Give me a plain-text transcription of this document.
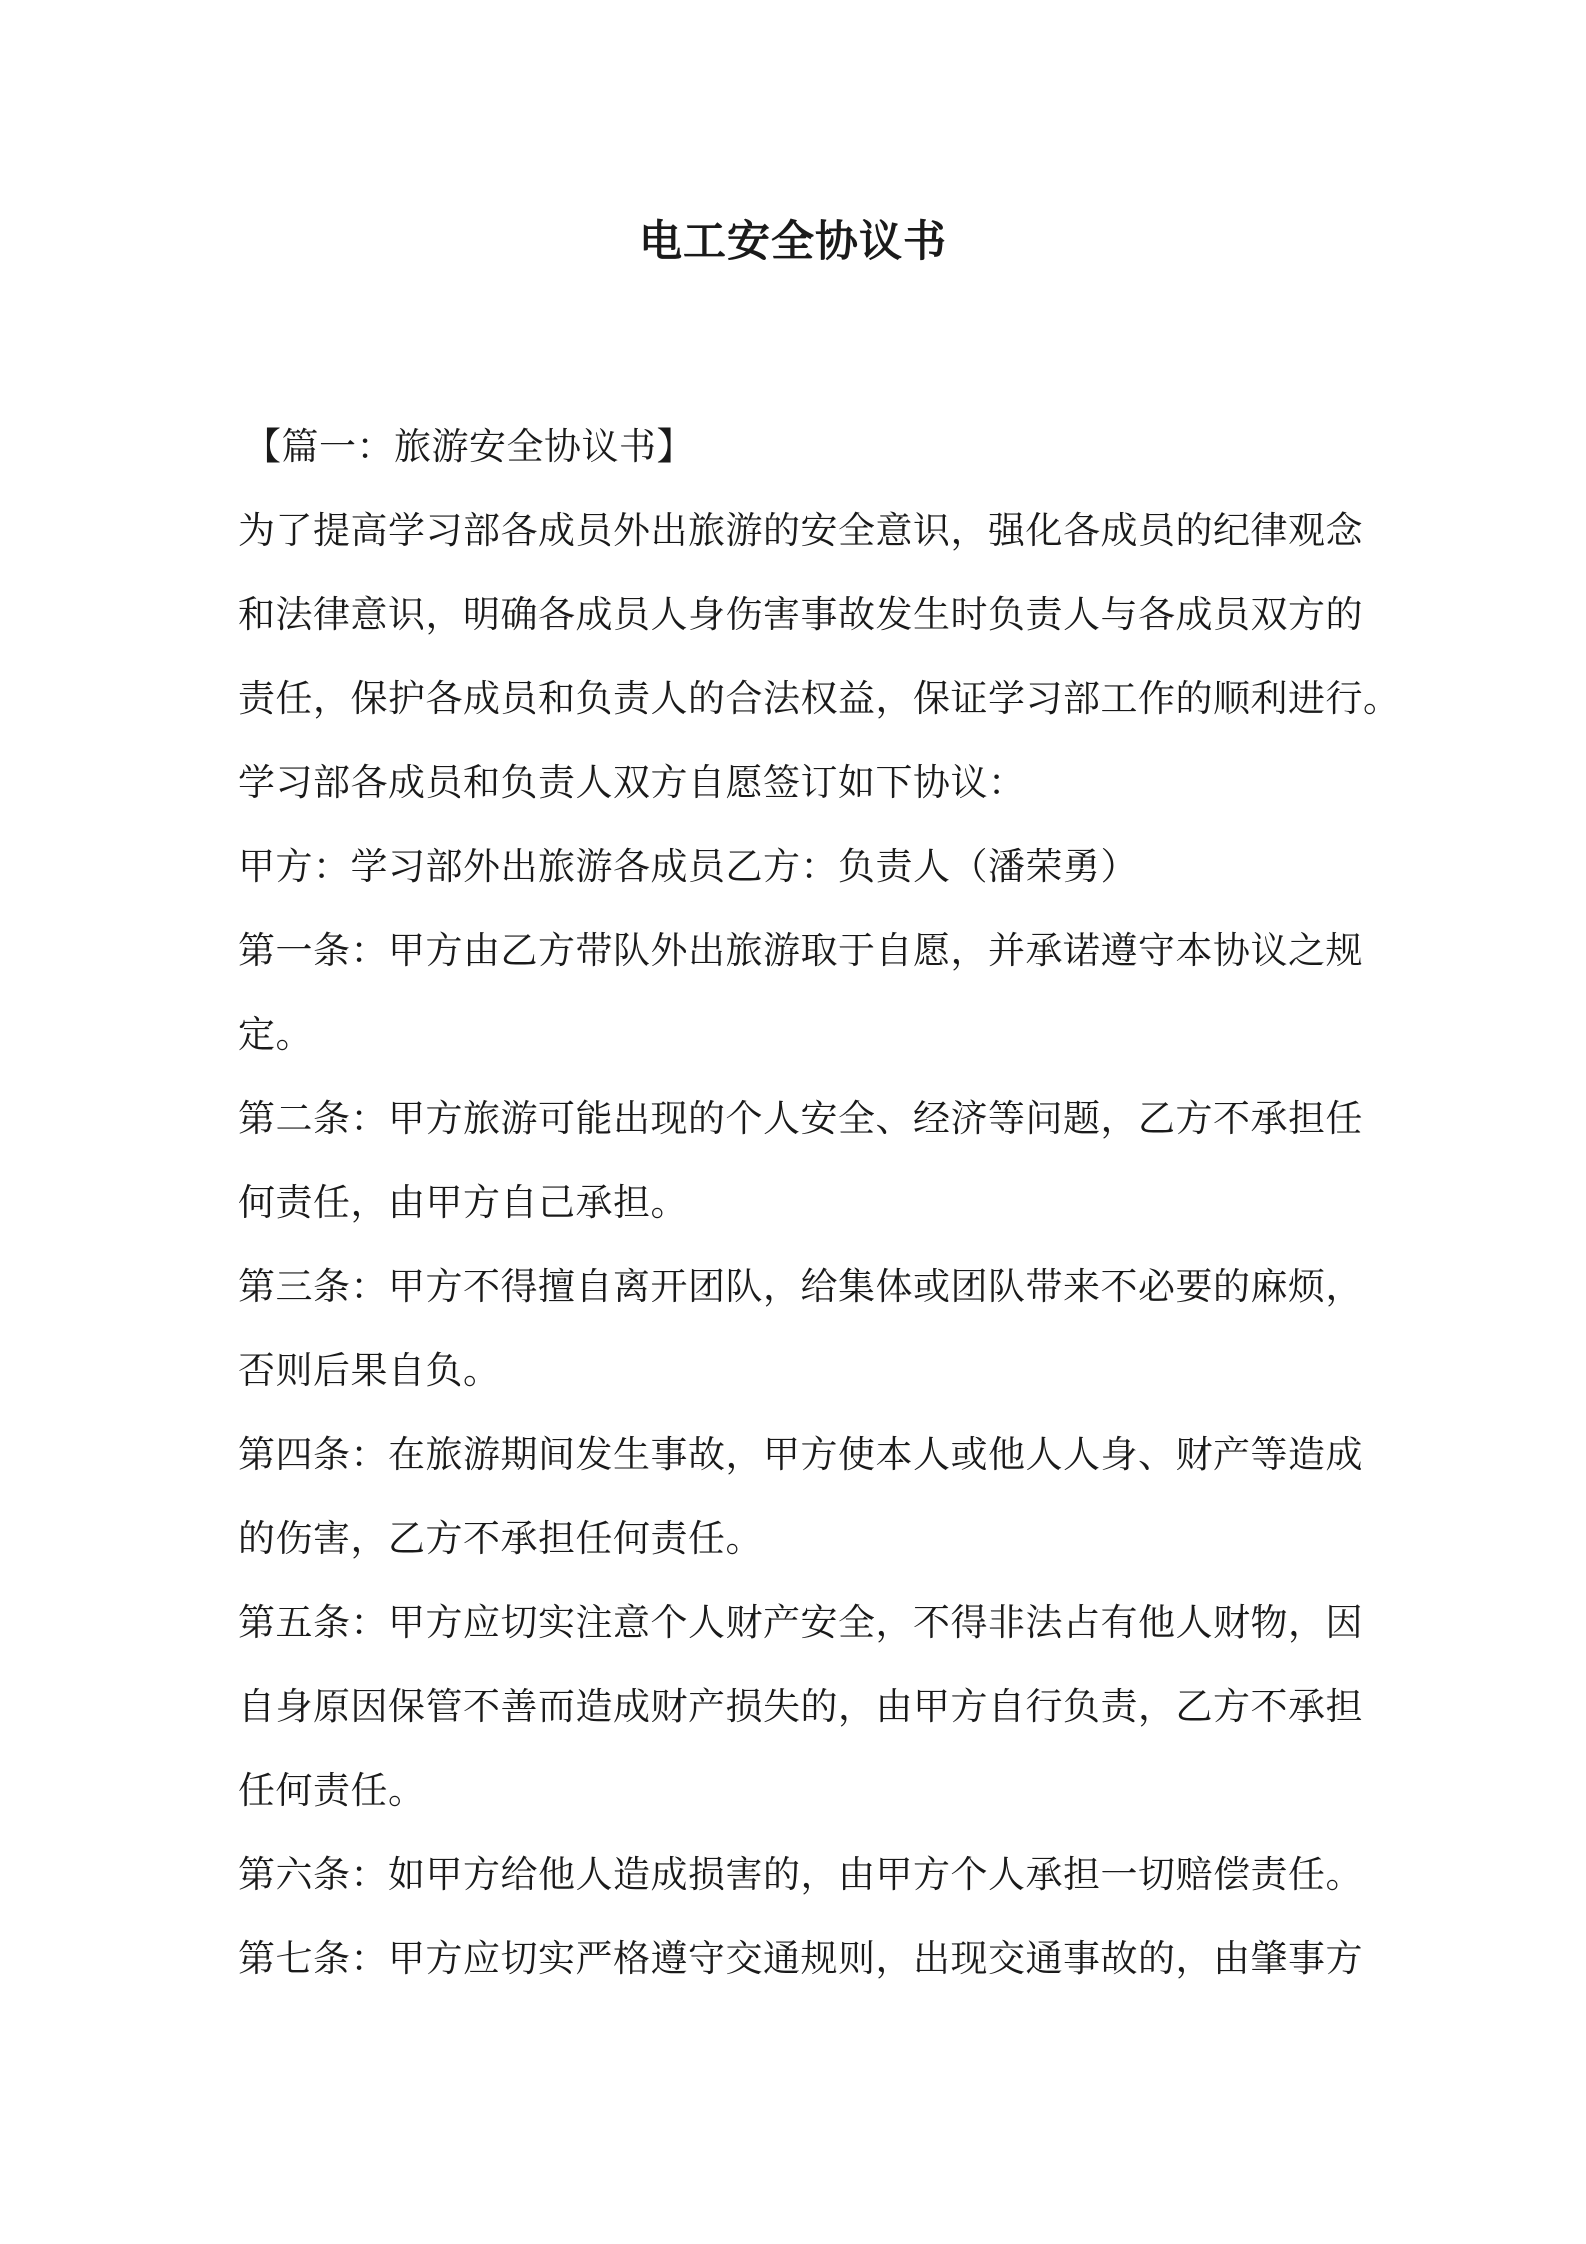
电工安全协议书
【篇一：旅游安全协议书】
为了提高学习部各成员外出旅游的安全意识，强化各成员的纪律观念
和法律意识，明确各成员人身伤害事故发生时负责人与各成员双方的
责任，保护各成员和负责人的合法权益，保证学习部工作的顺利进行。
学习部各成员和负责人双方自愿签订如下协议：
甲方：学习部外出旅游各成员乙方：负责人（潘荣勇）
第一条：甲方由乙方带队外出旅游取于自愿，并承诺遵守本协议之规
定。
第二条：甲方旅游可能出现的个人安全、经济等问题，乙方不承担任
何责任，由甲方自己承担。
第三条：甲方不得擅自离开团队，给集体或团队带来不必要的麻烦，
否则后果自负。
第四条：在旅游期间发生事故，甲方使本人或他人人身、财产等造成
的伤害，乙方不承担任何责任。
第五条：甲方应切实注意个人财产安全，不得非法占有他人财物，因
自身原因保管不善而造成财产损失的，由甲方自行负责，乙方不承担
任何责任。
第六条：如甲方给他人造成损害的，由甲方个人承担一切赔偿责任。
第七条：甲方应切实严格遵守交通规则，出现交通事故的，由肇事方
